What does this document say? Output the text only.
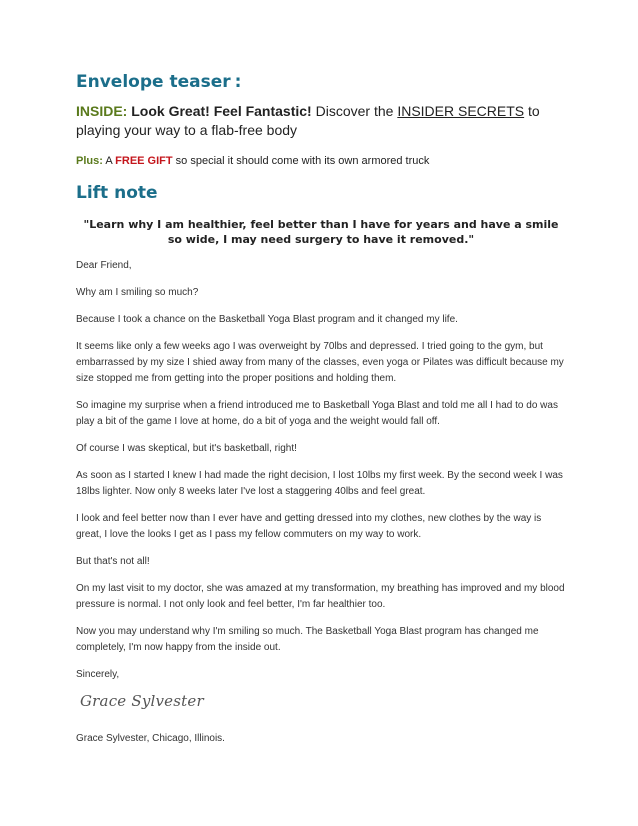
Envelope teaser :
INSIDE: Look Great! Feel Fantastic! Discover the INSIDER SECRETS to playing your way to a flab-free body
Plus: A FREE GIFT so special it should come with its own armored truck
Lift note
"Learn why I am healthier, feel better than I have for years and have a smile so wide, I may need surgery to have it removed."
Dear Friend,
Why am I smiling so much?
Because I took a chance on the Basketball Yoga Blast program and it changed my life.
It seems like only a few weeks ago I was overweight by 70lbs and depressed. I tried going to the gym, but embarrassed by my size I shied away from many of the classes, even yoga or Pilates was difficult because my size stopped me from getting into the proper positions and holding them.
So imagine my surprise when a friend introduced me to Basketball Yoga Blast and told me all I had to do was play a bit of the game I love at home, do a bit of yoga and the weight would fall off.
Of course I was skeptical, but it's basketball, right!
As soon as I started I knew I had made the right decision, I lost 10lbs my first week. By the second week I was 18lbs lighter. Now only 8 weeks later I've lost a staggering 40lbs and feel great.
I look and feel better now than I ever have and getting dressed into my clothes, new clothes by the way is great, I love the looks I get as I pass my fellow commuters on my way to work.
But that's not all!
On my last visit to my doctor, she was amazed at my transformation, my breathing has improved and my blood pressure is normal. I not only look and feel better, I'm far healthier too.
Now you may understand why I'm smiling so much. The Basketball Yoga Blast program has changed me completely, I'm now happy from the inside out.
Sincerely,
Grace Sylvester
Grace Sylvester, Chicago, Illinois.
